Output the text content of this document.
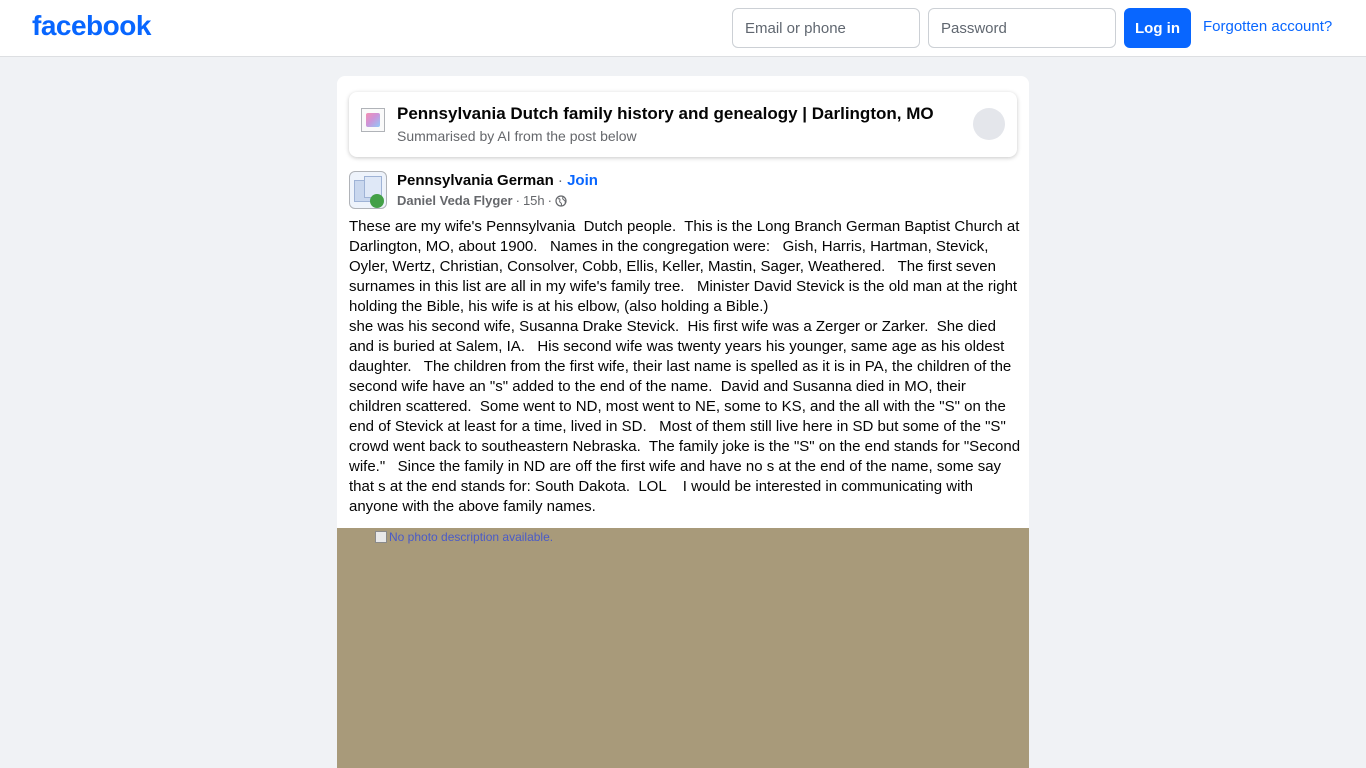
facebook
Email or phone	Log in	Forgotten account?
Pennsylvania Dutch family history and genealogy | Darlington, MO
Summarised by AI from the post below
Pennsylvania German · Join
Daniel Veda Flyger · 15h ·
These are my wife's Pennsylvania  Dutch people.  This is the Long Branch German Baptist Church at Darlington, MO, about 1900.   Names in the congregation were:   Gish, Harris, Hartman, Stevick, Oyler, Wertz, Christian, Consolver, Cobb, Ellis, Keller, Mastin, Sager, Weathered.   The first seven surnames in this list are all in my wife's family tree.   Minister David Stevick is the old man at the right holding the Bible, his wife is at his elbow, (also holding a Bible.)
she was his second wife, Susanna Drake Stevick.  His first wife was a Zerger or Zarker.  She died and is buried at Salem, IA.   His second wife was twenty years his younger, same age as his oldest daughter.   The children from the first wife, their last name is spelled as it is in PA, the children of the second wife have an "s" added to the end of the name.  David and Susanna died in MO, their children scattered.  Some went to ND, most went to NE, some to KS, and the all with the "S" on the end of Stevick at least for a time, lived in SD.   Most of them still live here in SD but some of the "S" crowd went back to southeastern Nebraska.  The family joke is the "S" on the end stands for "Second wife."   Since the family in ND are off the first wife and have no s at the end of the name, some say that s at the end stands for: South Dakota.  LOL    I would be interested in communicating with anyone with the above family names.
No photo description available.
